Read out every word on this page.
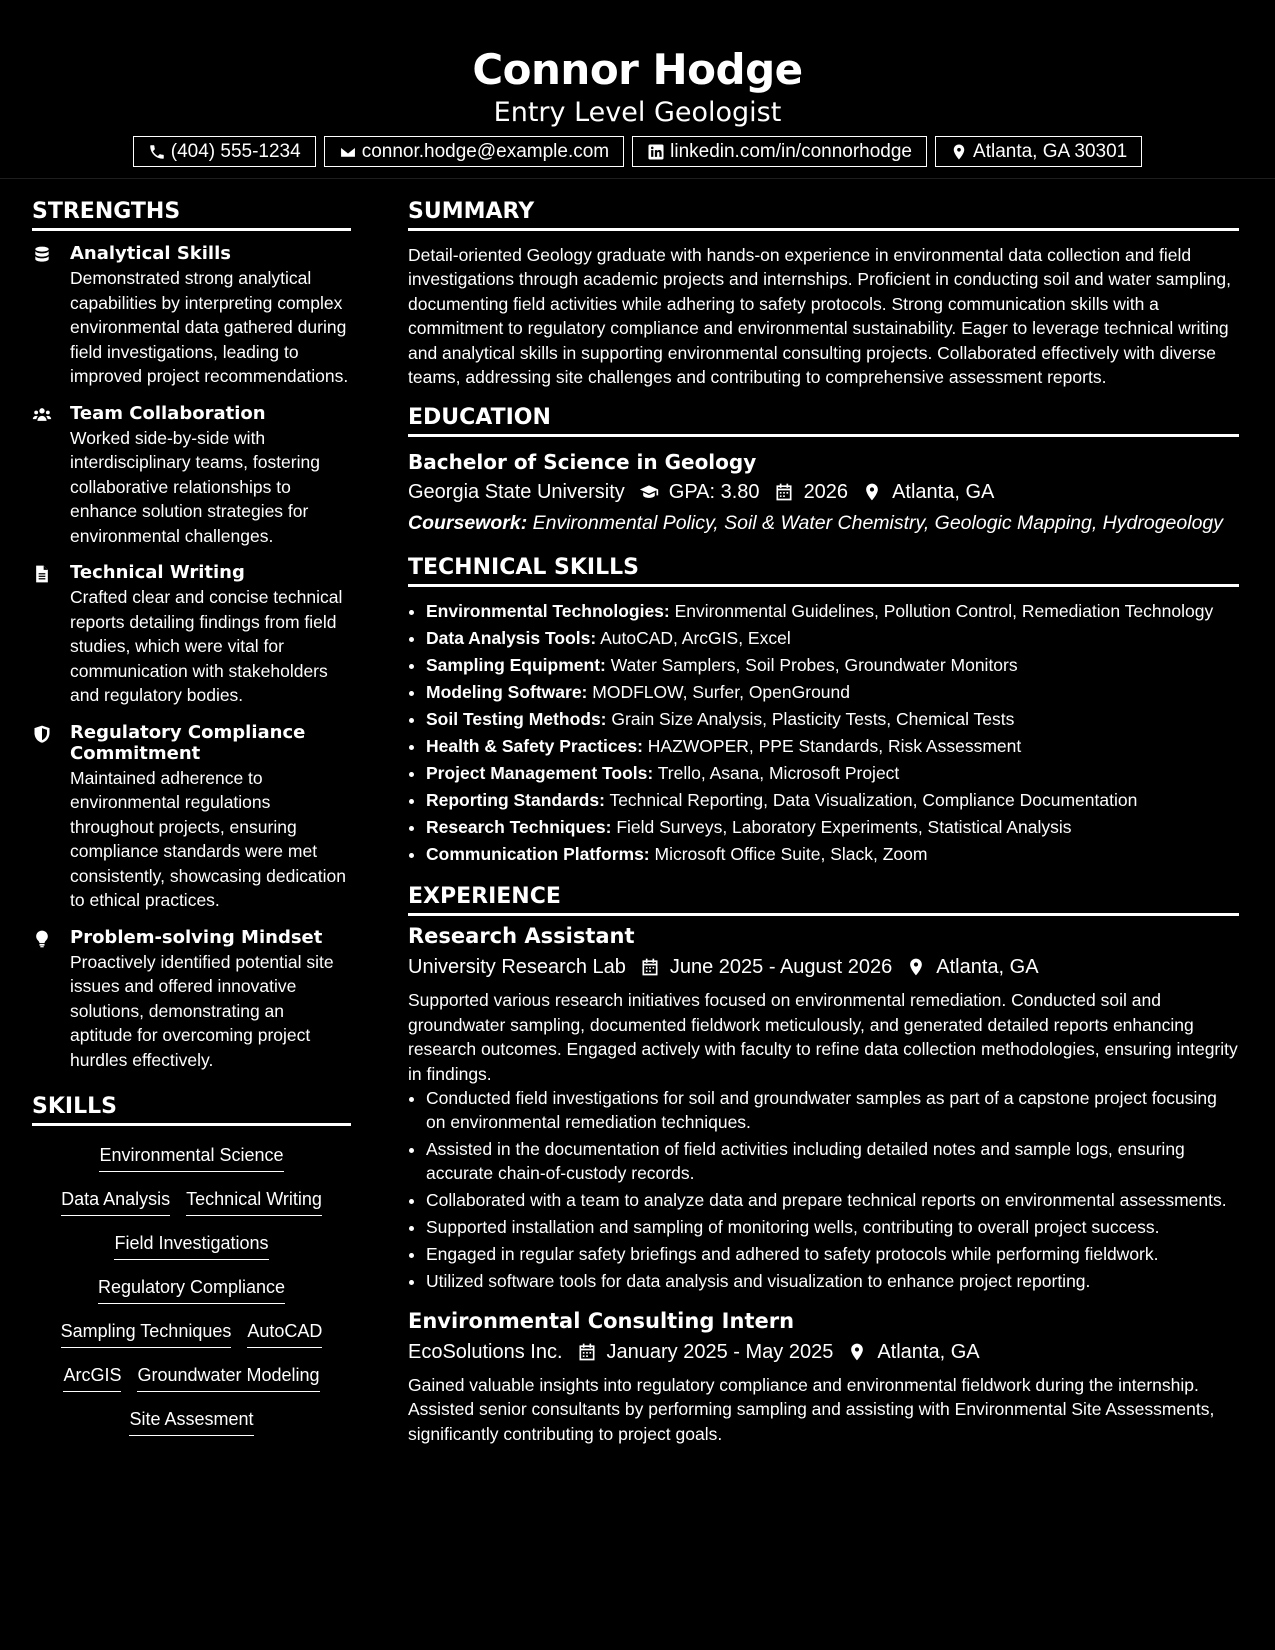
Connor Hodge
Entry Level Geologist
(404) 555-1234	connor.hodge@example.com	linkedin.com/in/connorhodge	Atlanta, GA 30301
STRENGTHS
Analytical Skills
Demonstrated strong analytical capabilities by interpreting complex environmental data gathered during field investigations, leading to improved project recommendations.
Team Collaboration
Worked side-by-side with interdisciplinary teams, fostering collaborative relationships to enhance solution strategies for environmental challenges.
Technical Writing
Crafted clear and concise technical reports detailing findings from field studies, which were vital for communication with stakeholders and regulatory bodies.
Regulatory Compliance Commitment
Maintained adherence to environmental regulations throughout projects, ensuring compliance standards were met consistently, showcasing dedication to ethical practices.
Problem-solving Mindset
Proactively identified potential site issues and offered innovative solutions, demonstrating an aptitude for overcoming project hurdles effectively.
SKILLS
Environmental Science
Data Analysis Technical Writing
Field Investigations
Regulatory Compliance
Sampling Techniques AutoCAD
ArcGIS Groundwater Modeling
Site Assesment
SUMMARY
Detail-oriented Geology graduate with hands-on experience in environmental data collection and field investigations through academic projects and internships. Proficient in conducting soil and water sampling, documenting field activities while adhering to safety protocols. Strong communication skills with a commitment to regulatory compliance and environmental sustainability. Eager to leverage technical writing and analytical skills in supporting environmental consulting projects. Collaborated effectively with diverse teams, addressing site challenges and contributing to comprehensive assessment reports.
EDUCATION
Bachelor of Science in Geology
Georgia State University GPA: 3.80 2026 Atlanta, GA
Coursework: Environmental Policy, Soil & Water Chemistry, Geologic Mapping, Hydrogeology
TECHNICAL SKILLS
• Environmental Technologies: Environmental Guidelines, Pollution Control, Remediation Technology
• Data Analysis Tools: AutoCAD, ArcGIS, Excel
• Sampling Equipment: Water Samplers, Soil Probes, Groundwater Monitors
• Modeling Software: MODFLOW, Surfer, OpenGround
• Soil Testing Methods: Grain Size Analysis, Plasticity Tests, Chemical Tests
• Health & Safety Practices: HAZWOPER, PPE Standards, Risk Assessment
• Project Management Tools: Trello, Asana, Microsoft Project
• Reporting Standards: Technical Reporting, Data Visualization, Compliance Documentation
• Research Techniques: Field Surveys, Laboratory Experiments, Statistical Analysis
• Communication Platforms: Microsoft Office Suite, Slack, Zoom
EXPERIENCE
Research Assistant
University Research Lab June 2025 - August 2026 Atlanta, GA
Supported various research initiatives focused on environmental remediation. Conducted soil and groundwater sampling, documented fieldwork meticulously, and generated detailed reports enhancing research outcomes. Engaged actively with faculty to refine data collection methodologies, ensuring integrity in findings.
• Conducted field investigations for soil and groundwater samples as part of a capstone project focusing on environmental remediation techniques.
• Assisted in the documentation of field activities including detailed notes and sample logs, ensuring accurate chain-of-custody records.
• Collaborated with a team to analyze data and prepare technical reports on environmental assessments.
• Supported installation and sampling of monitoring wells, contributing to overall project success.
• Engaged in regular safety briefings and adhered to safety protocols while performing fieldwork.
• Utilized software tools for data analysis and visualization to enhance project reporting.
Environmental Consulting Intern
EcoSolutions Inc. January 2025 - May 2025 Atlanta, GA
Gained valuable insights into regulatory compliance and environmental fieldwork during the internship. Assisted senior consultants by performing sampling and assisting with Environmental Site Assessments, significantly contributing to project goals.
